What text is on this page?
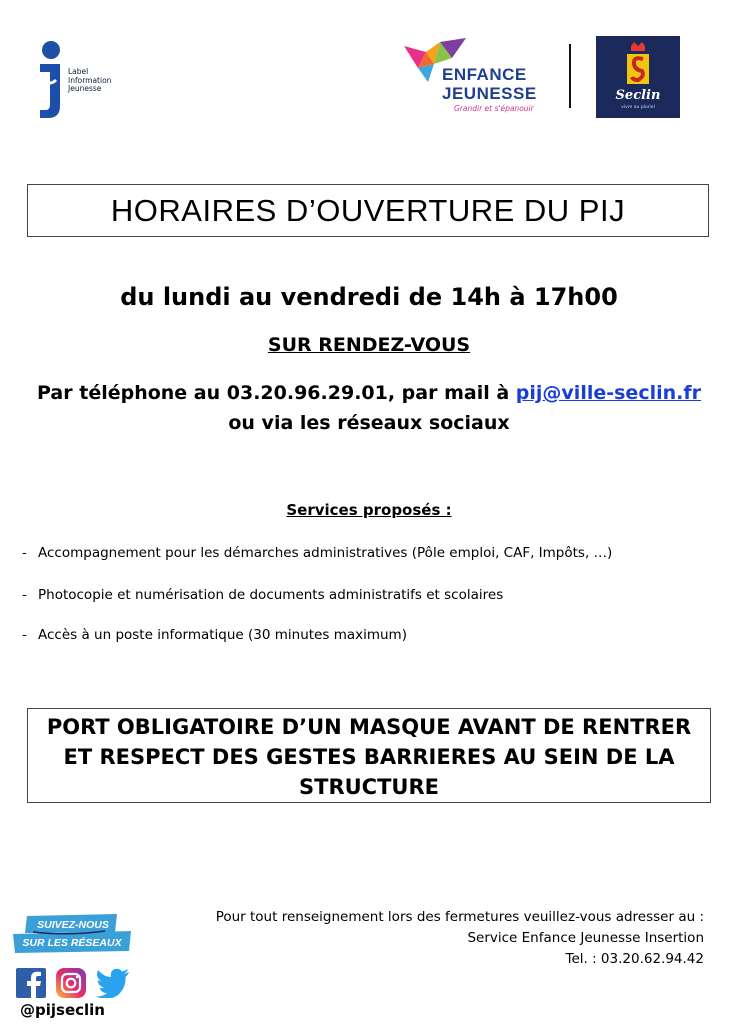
Label
Information
Jeunesse
ENFANCE
JEUNESSE
Grandir et s'épanouir
Seclin
vivre au pluriel
HORAIRES D’OUVERTURE DU PIJ
du lundi au vendredi de 14h à 17h00
SUR RENDEZ-VOUS
Par téléphone au 03.20.96.29.01, par mail à pij@ville-seclin.fr
ou via les réseaux sociaux
Services proposés :
- Accompagnement pour les démarches administratives (Pôle emploi, CAF, Impôts, …)
- Photocopie et numérisation de documents administratifs et scolaires
- Accès à un poste informatique (30 minutes maximum)
PORT OBLIGATOIRE D’UN MASQUE AVANT DE RENTRER
ET RESPECT DES GESTES BARRIERES AU SEIN DE LA
STRUCTURE
SUIVEZ-NOUS
SUR LES RÉSEAUX
@pijseclin
Pour tout renseignement lors des fermetures veuillez-vous adresser au :
Service Enfance Jeunesse Insertion
Tel. : 03.20.62.94.42
